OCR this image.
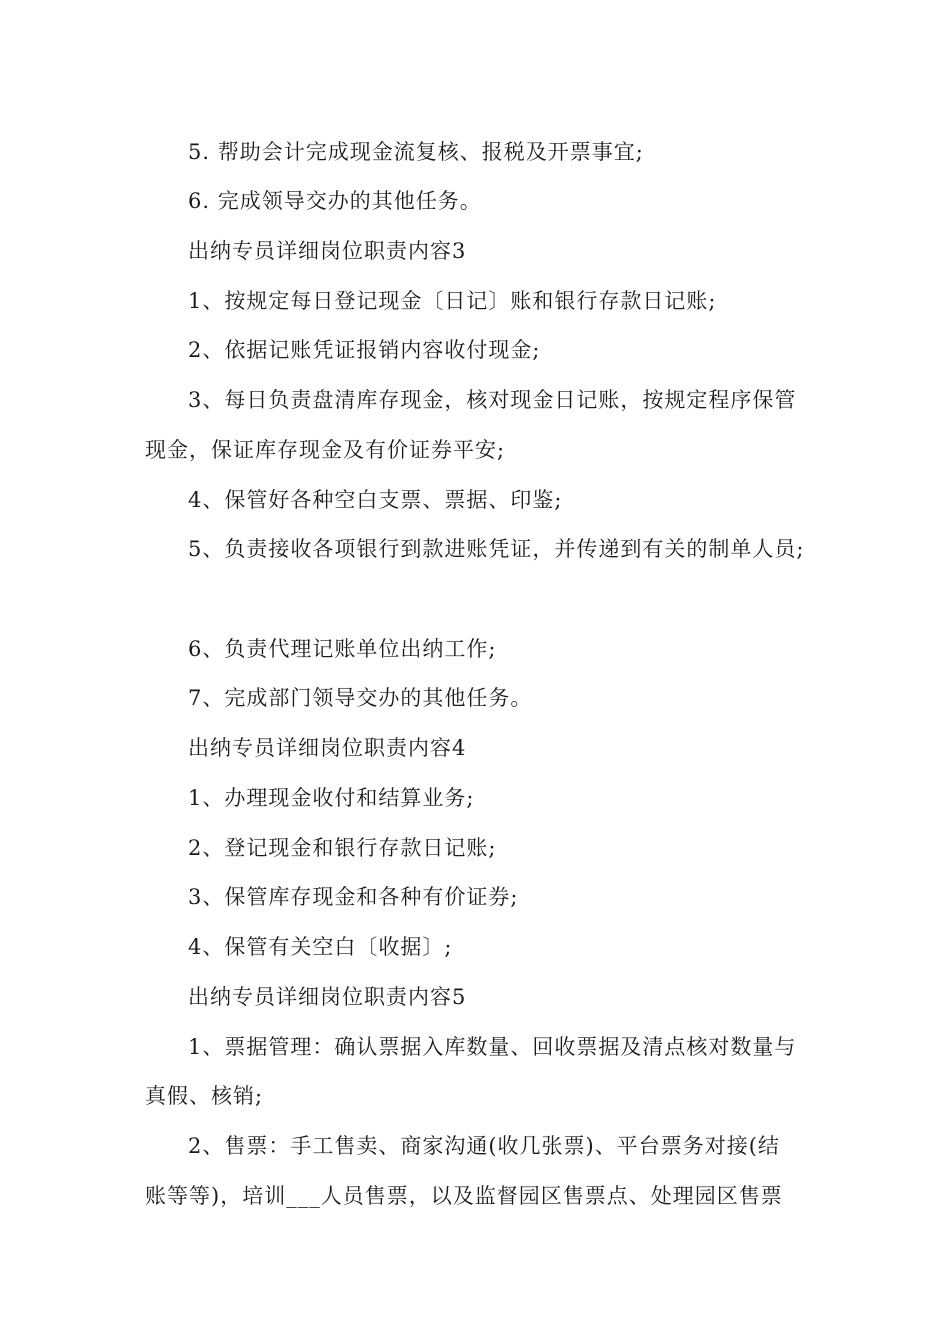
5. 帮助会计完成现金流复核、报税及开票事宜;
6. 完成领导交办的其他任务。
出纳专员详细岗位职责内容3
1、按规定每日登记现金〔日记〕账和银行存款日记账;
2、依据记账凭证报销内容收付现金;
3、每日负责盘清库存现金，核对现金日记账，按规定程序保管
现金，保证库存现金及有价证券平安;
4、保管好各种空白支票、票据、印鉴;
5、负责接收各项银行到款进账凭证，并传递到有关的制单人员;
6、负责代理记账单位出纳工作;
7、完成部门领导交办的其他任务。
出纳专员详细岗位职责内容4
1、办理现金收付和结算业务;
2、登记现金和银行存款日记账;
3、保管库存现金和各种有价证券;
4、保管有关空白〔收据〕;
出纳专员详细岗位职责内容5
1、票据管理：确认票据入库数量、回收票据及清点核对数量与
真假、核销;
2、售票：手工售卖、商家沟通(收几张票)、平台票务对接(结
账等等)，培训___人员售票，以及监督园区售票点、处理园区售票
